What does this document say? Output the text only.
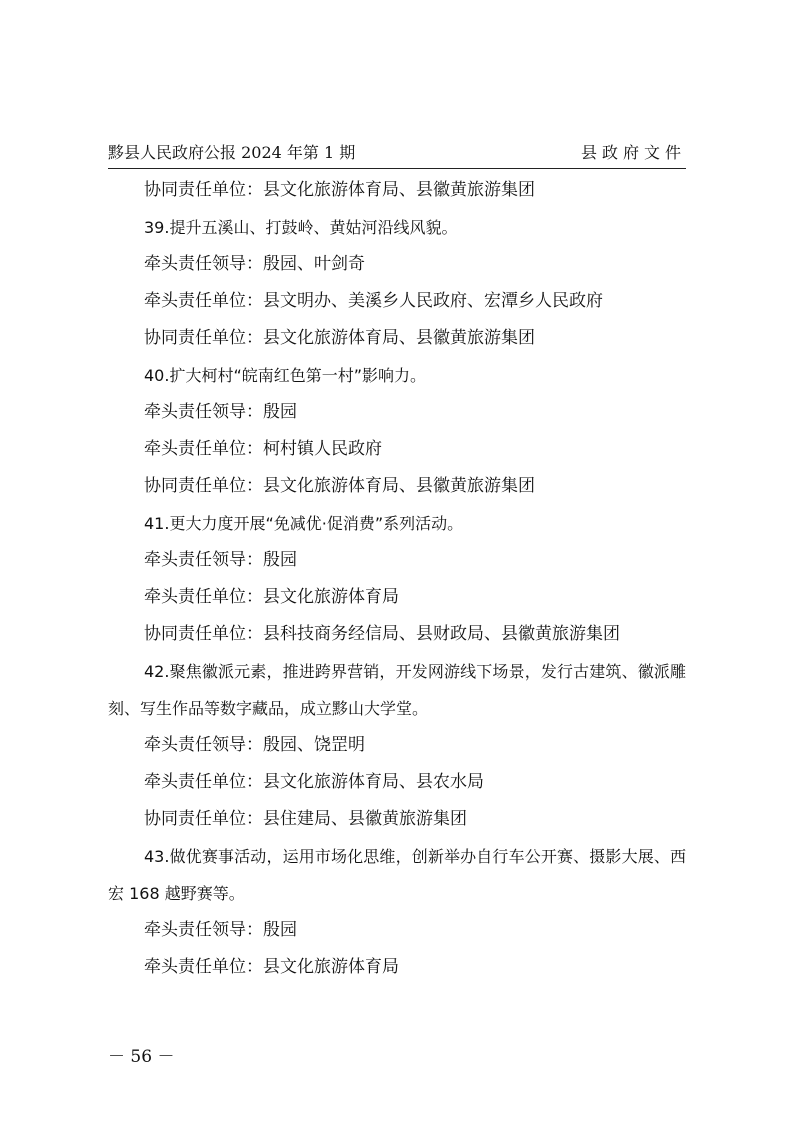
黟县人民政府公报 2024 年第 1 期	县政府文件

协同责任单位：县文化旅游体育局、县徽黄旅游集团

39.提升五溪山、打鼓岭、黄姑河沿线风貌。

牵头责任领导：殷园、叶剑奇

牵头责任单位：县文明办、美溪乡人民政府、宏潭乡人民政府

协同责任单位：县文化旅游体育局、县徽黄旅游集团

40.扩大柯村“皖南红色第一村”影响力。

牵头责任领导：殷园

牵头责任单位：柯村镇人民政府

协同责任单位：县文化旅游体育局、县徽黄旅游集团

41.更大力度开展“免减优·促消费”系列活动。

牵头责任领导：殷园

牵头责任单位：县文化旅游体育局

协同责任单位：县科技商务经信局、县财政局、县徽黄旅游集团

42.聚焦徽派元素，推进跨界营销，开发网游线下场景，发行古建筑、徽派雕刻、写生作品等数字藏品，成立黟山大学堂。

牵头责任领导：殷园、饶罡明

牵头责任单位：县文化旅游体育局、县农水局

协同责任单位：县住建局、县徽黄旅游集团

43.做优赛事活动，运用市场化思维，创新举办自行车公开赛、摄影大展、西宏 168 越野赛等。

牵头责任领导：殷园

牵头责任单位：县文化旅游体育局

－ 56 －
